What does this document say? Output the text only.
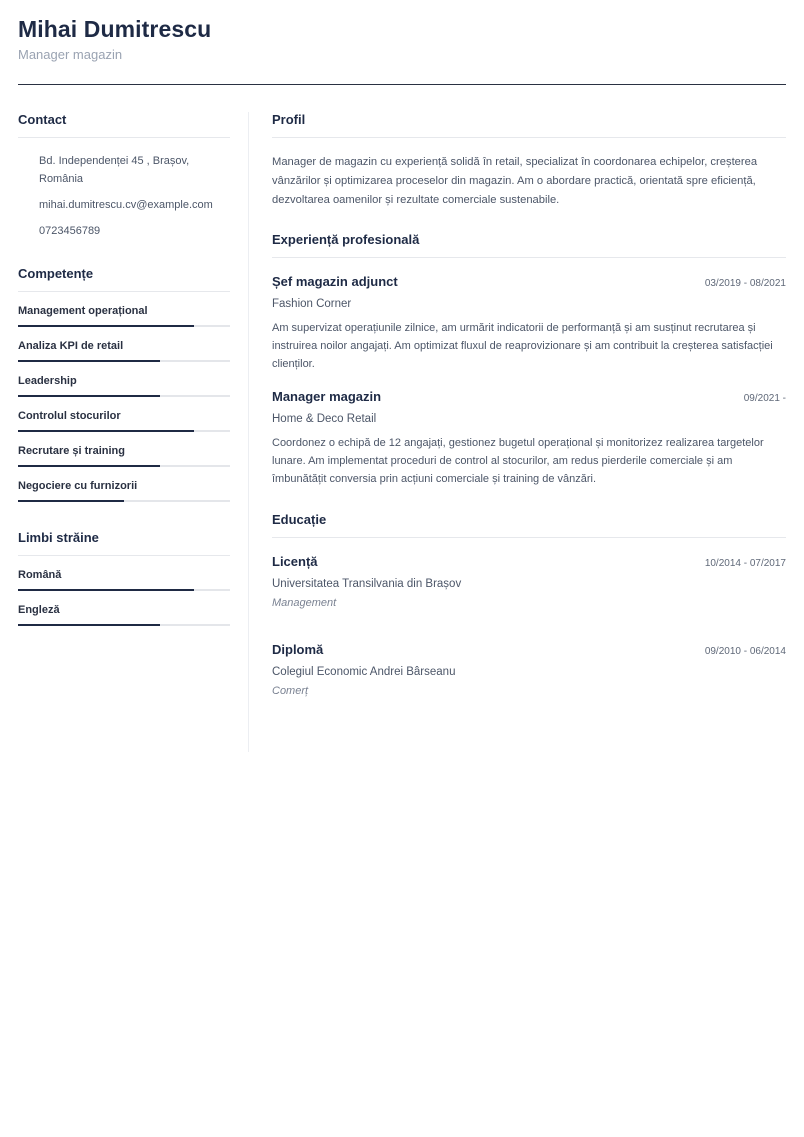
Mihai Dumitrescu
Manager magazin
Contact
Bd. Independenței 45 , Brașov, România
mihai.dumitrescu.cv@example.com
0723456789
Competențe
Management operațional
Analiza KPI de retail
Leadership
Controlul stocurilor
Recrutare și training
Negociere cu furnizorii
Limbi străine
Română
Engleză
Profil
Manager de magazin cu experiență solidă în retail, specializat în coordonarea echipelor, creșterea vânzărilor și optimizarea proceselor din magazin. Am o abordare practică, orientată spre eficiență, dezvoltarea oamenilor și rezultate comerciale sustenabile.
Experiență profesională
Șef magazin adjunct	03/2019 - 08/2021
Fashion Corner
Am supervizat operațiunile zilnice, am urmărit indicatorii de performanță și am susținut recrutarea și instruirea noilor angajați. Am optimizat fluxul de reaprovizionare și am contribuit la creșterea satisfacției clienților.
Manager magazin	09/2021 -
Home & Deco Retail
Coordonez o echipă de 12 angajați, gestionez bugetul operațional și monitorizez realizarea targetelor lunare. Am implementat proceduri de control al stocurilor, am redus pierderile comerciale și am îmbunătățit conversia prin acțiuni comerciale și training de vânzări.
Educație
Licență	10/2014 - 07/2017
Universitatea Transilvania din Brașov
Management
Diplomă	09/2010 - 06/2014
Colegiul Economic Andrei Bârseanu
Comerț
